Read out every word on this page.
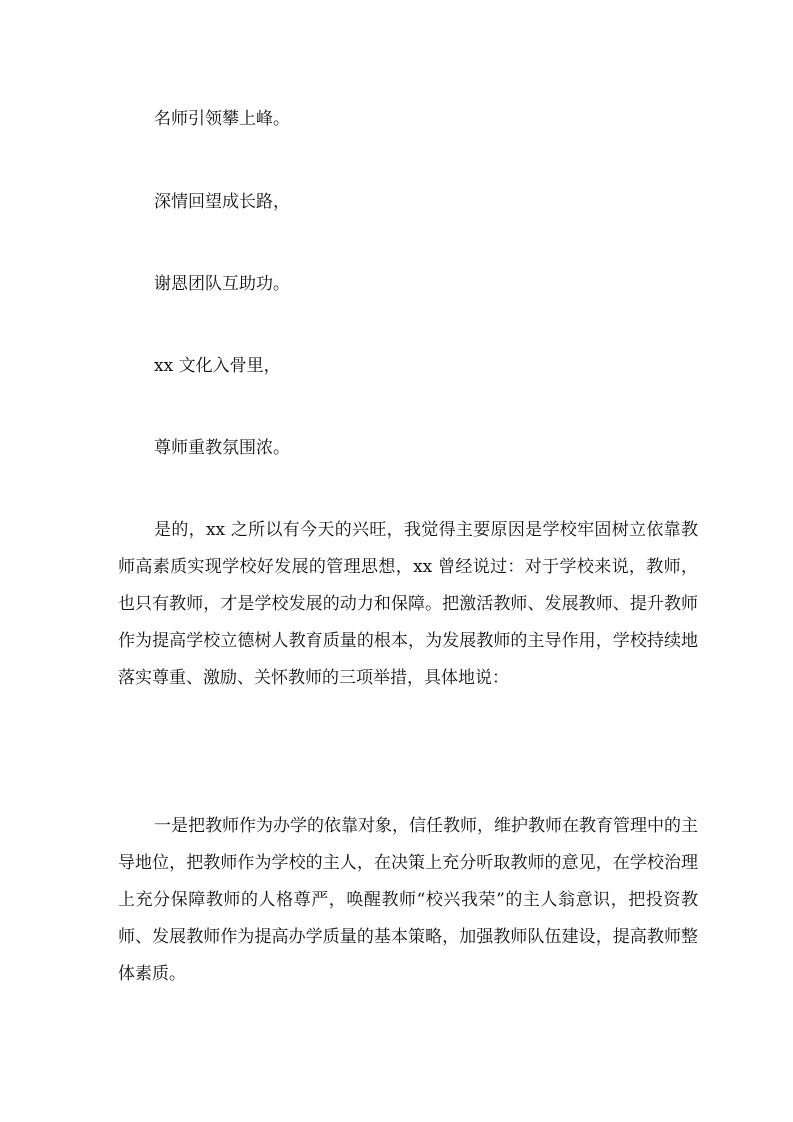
名师引领攀上峰。

深情回望成长路，

谢恩团队互助功。

xx 文化入骨里，

尊师重教氛围浓。

是的，xx 之所以有今天的兴旺，我觉得主要原因是学校牢固树立依靠教师高素质实现学校好发展的管理思想，xx 曾经说过：对于学校来说，教师，也只有教师，才是学校发展的动力和保障。把激活教师、发展教师、提升教师作为提高学校立德树人教育质量的根本，为发展教师的主导作用，学校持续地落实尊重、激励、关怀教师的三项举措，具体地说：

一是把教师作为办学的依靠对象，信任教师，维护教师在教育管理中的主导地位，把教师作为学校的主人，在决策上充分听取教师的意见，在学校治理上充分保障教师的人格尊严，唤醒教师“校兴我荣”的主人翁意识，把投资教师、发展教师作为提高办学质量的基本策略，加强教师队伍建设，提高教师整体素质。
